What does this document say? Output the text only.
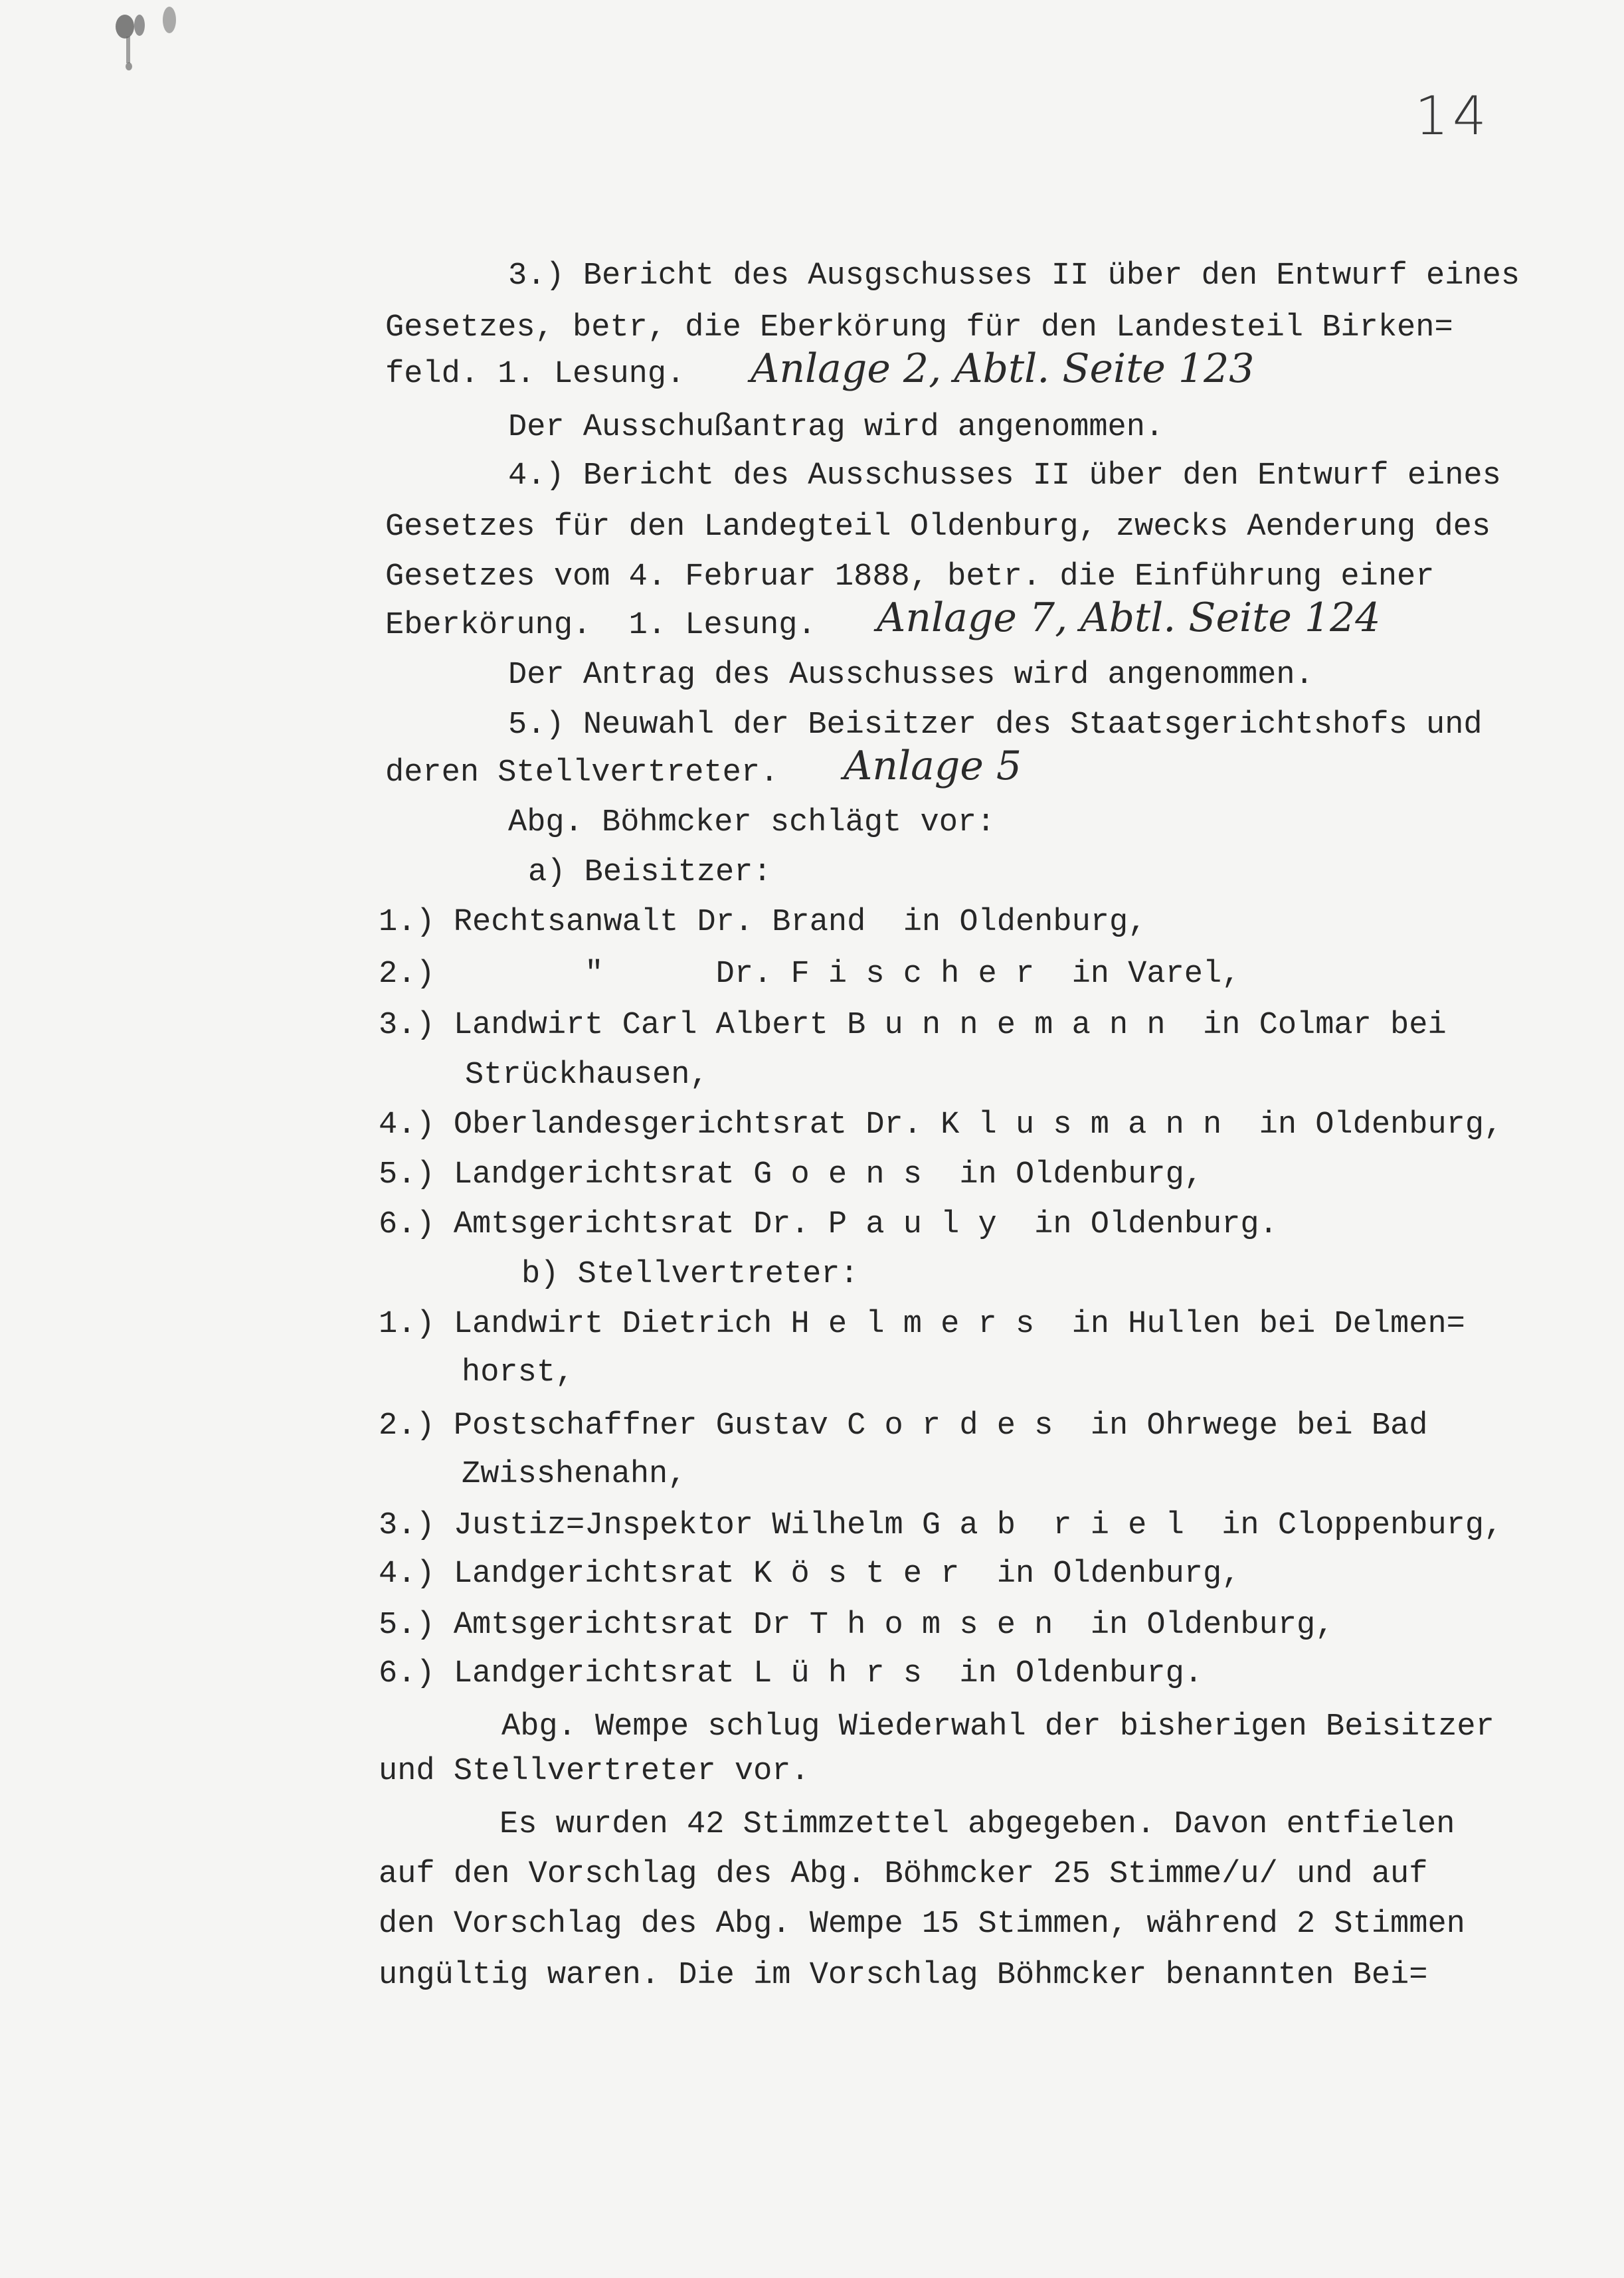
14
3.) Bericht des Ausgschusses II über den Entwurf eines
Gesetzes, betr, die Eberkörung für den Landesteil Birken=
feld. 1. Lesung.
Der Ausschußantrag wird angenommen.
4.) Bericht des Ausschusses II über den Entwurf eines
Gesetzes für den Landegteil Oldenburg, zwecks Aenderung des
Gesetzes vom 4. Februar 1888, betr. die Einführung einer
Eberkörung.  1. Lesung.
Der Antrag des Ausschusses wird angenommen.
5.) Neuwahl der Beisitzer des Staatsgerichtshofs und
deren Stellvertreter.
Abg. Böhmcker schlägt vor:
a) Beisitzer:
1.) Rechtsanwalt Dr. Brand  in Oldenburg,
2.)        "      Dr. F i s c h e r  in Varel,
3.) Landwirt Carl Albert B u n n e m a n n  in Colmar bei
Strückhausen,
4.) Oberlandesgerichtsrat Dr. K l u s m a n n  in Oldenburg,
5.) Landgerichtsrat G o e n s  in Oldenburg,
6.) Amtsgerichtsrat Dr. P a u l y  in Oldenburg.
b) Stellvertreter:
1.) Landwirt Dietrich H e l m e r s  in Hullen bei Delmen=
horst,
2.) Postschaffner Gustav C o r d e s  in Ohrwege bei Bad
Zwisshenahn,
3.) Justiz=Jnspektor Wilhelm G a b  r i e l  in Cloppenburg,
4.) Landgerichtsrat K ö s t e r  in Oldenburg,
5.) Amtsgerichtsrat Dr T h o m s e n  in Oldenburg,
6.) Landgerichtsrat L ü h r s  in Oldenburg.
Abg. Wempe schlug Wiederwahl der bisherigen Beisitzer
und Stellvertreter vor.
Es wurden 42 Stimmzettel abgegeben. Davon entfielen
auf den Vorschlag des Abg. Böhmcker 25 Stimme/u/ und auf
den Vorschlag des Abg. Wempe 15 Stimmen, während 2 Stimmen
ungültig waren. Die im Vorschlag Böhmcker benannten Bei=
Anlage 2, Abtl. Seite 123
Anlage 7, Abtl. Seite 124
Anlage 5
